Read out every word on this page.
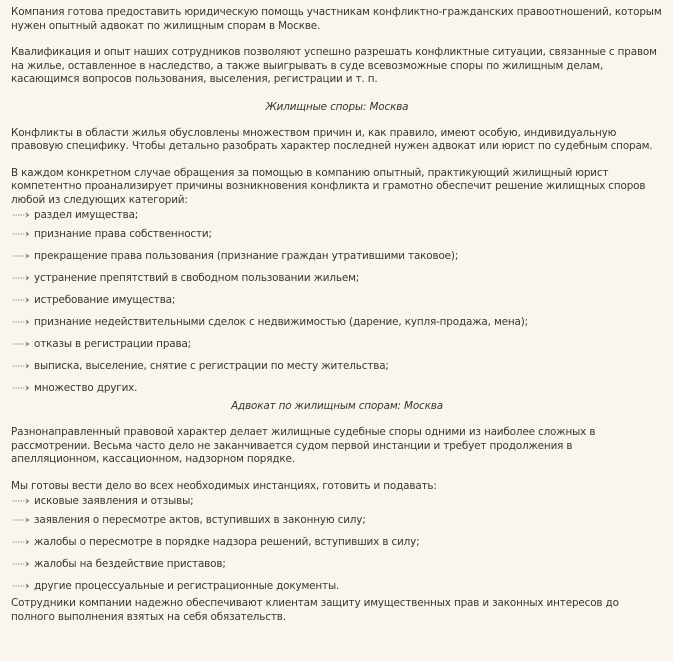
Компания готова предоставить юридическую помощь участникам конфликтно-гражданских правоотношений, которым нужен опытный адвокат по жилищным спорам в Москве.

Квалификация и опыт наших сотрудников позволяют успешно разрешать конфликтные ситуации, связанные с правом на жилье, оставленное в наследство, а также выигрывать в суде всевозможные споры по жилищным делам, касающимся вопросов пользования, выселения, регистрации и т. п.

Жилищные споры: Москва

Конфликты в области жилья обусловлены множеством причин и, как правило, имеют особую, индивидуальную правовую специфику. Чтобы детально разобрать характер последней нужен адвокат или юрист по судебным спорам.

В каждом конкретном случае обращения за помощью в компанию опытный, практикующий жилищный юрист компетентно проанализирует причины возникновения конфликта и грамотно обеспечит решение жилищных споров любой из следующих категорий:

раздел имущества;
признание права собственности;
прекращение права пользования (признание граждан утратившими таковое);
устранение препятствий в свободном пользовании жильем;
истребование имущества;
признание недействительными сделок с недвижимостью (дарение, купля-продажа, мена);
отказы в регистрации права;
выписка, выселение, снятие с регистрации по месту жительства;
множество других.

Адвокат по жилищным спорам: Москва

Разнонаправленный правовой характер делает жилищные судебные споры одними из наиболее сложных в рассмотрении. Весьма часто дело не заканчивается судом первой инстанции и требует продолжения в апелляционном, кассационном, надзорном порядке.

Мы готовы вести дело во всех необходимых инстанциях, готовить и подавать:

исковые заявления и отзывы;
заявления о пересмотре актов, вступивших в законную силу;
жалобы о пересмотре в порядке надзора решений, вступивших в силу;
жалобы на бездействие приставов;
другие процессуальные и регистрационные документы.

Сотрудники компании надежно обеспечивают клиентам защиту имущественных прав и законных интересов до полного выполнения взятых на себя обязательств.
